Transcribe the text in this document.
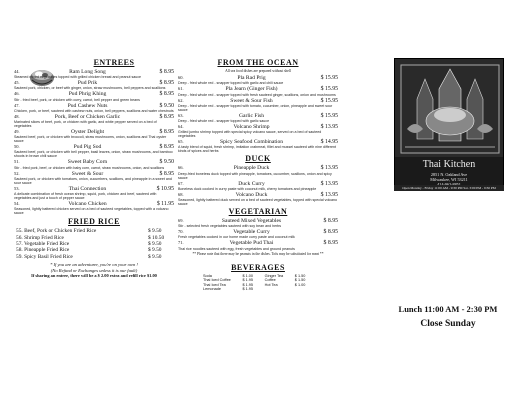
ENTREES
44.	Ram Long Song	$ 8.95
Steamed mixed vegetables topped with grilled chicken breast and peanut sauce
45.	Pud Prik	$ 8.95
Sauteed pork, chicken, or beef with ginger, onion, straw mushrooms, bell peppers and scallions
46.	Pud Phrig Khing	$ 8.95
Stir - fried beef, pork, or chicken with curry, carrot, bell pepper and green beans
47.	Pud Cashew Nuts	$ 9.50
Chicken, pork, or beef, sauteed with cashew nuts, onion, bell peppers, scallions and water chestnuts
48.	Pork, Beef or Chicken Garlic	$ 8.95
Marinated slices of beef, pork, or chicken with garlic, and white pepper served on a bed of vegetables
49.	Oyster Delight	$ 8.95
Sauteed beef, pork, or chicken with broccoli, straw mushrooms, onion, scallions and Thai oyster sauce
50.	Pud Pig Sod	$ 8.95
Sauteed beef, pork, or chicken with bell pepper, basil leaves, onion, straw mushrooms, and bamboo shoots in brown chili sauce
51.	Sweet Baby Corn	$ 9.50
Stir - fried pork, beef, or chicken with baby corn, carrot, straw mushrooms, onion, and scallions
52.	Sweet & Sour	$ 8.95
Sauteed pork, or chicken with tomatoes, onion, cucumbers, scallions, and pineapple in a sweet and sour sauce
53.	Thai Connection	$ 10.95
A delicate combination of fresh ocean shrimp, squid, pork, chicken and beef, sauteed with vegetables and just a touch of pepper sauce
54.	Volcano Chicken	$ 11.95
Seasoned, lightly battered chicken served on a bed of sauteed vegetables, topped with a volcano sauce
FRIED RICE
55. Beef, Pork or Chicken Fried Rice	$ 9.50
56. Shrimp Fried Rice	$ 10.50
57. Vegetable Fried Rice	$ 9.50
58. Pineapple Fried Rice	$ 9.50
59. Spicy Basil Fried Rice	$ 9.50
* If you are an adventurer, you're on your own !
(No Refund or Exchanges unless it is our fault)
If sharing an entree, there will be a $ 2.00 extra and refill rice $1.00
FROM THE OCEAN
All sea food dishes are prepared without shell
60.	Pla Rad Prig	$ 15.95
Deep - fried whole red - snapper topped with garlic and chili sauce
61.	Pla Jearn (Ginger Fish)	$ 15.95
Deep - fried whole red - snapper topped with fresh sauteed ginger, scallions, onion and mushrooms
62.	Sweet & Sour Fish	$ 15.95
Deep - fried whole red - snapper topped with tomato, cucumber, onion, pineapple and sweet sour sauce
63.	Garlic Fish	$ 15.95
Deep - fried whole red - snapper topped with garlic sauce
64.	Volcano Shrimp	$ 13.95
Grilled jumbo shrimp topped with special spicy volcano sauce, served on a bed of sauteed vegetables
65.	Spicy Seafood Combination	$ 14.95
A tasty blend of squid, fresh shrimp, imitation crabmeat, fillet and mussel sauteed with nine different kinds of spices and herbs
DUCK
66.	Pineapple Duck	$ 13.95
Deep-fried boneless duck topped with pineapple, tomatoes, cucumber, scallions, onion and spicy sauce
67.	Duck Curry	$ 13.95
Boneless duck cooked in curry paste with coconut milk, cherry tomatoes and pineapple
68.	Volcano Duck	$ 13.95
Seasoned, lightly battered duck served on a bed of sauteed vegetables, topped with special volcano sauce
VEGETARIAN
69.	Sauteed Mixed Vegetables	$ 8.95
Stir - selected fresh vegetables sauteed with soy bean and herbs
70.	Vegetable Curry	$ 8.95
Fresh vegetables cooked in our home made curry paste and coconut milk
71.	Vegetable Pud Thai	$ 8.95
Thai rice noodles sauteed with egg, fresh vegetables and ground peanuts
** Please note that there may be peanuts in the dishes. Tofu may be substituted for meat **
BEVERAGES
Soda	$ 1.00	Ginger Tea	$ 1.50
Thai Iced Coffee	$ 1.95	Coffee	$ 1.50
Thai Iced Tea	$ 1.95	Hot Tea	$ 1.00
Lemonade	$ 1.95
Thai Kitchen
2851 N. Oakland Ave
Milwaukee, WI 53211
Open Monday - Friday 11:00 AM - 9:30 PM Sat. 3:00 PM - 9:30 PM
Lunch 11:00 AM - 2:30 PM
Close Sunday
